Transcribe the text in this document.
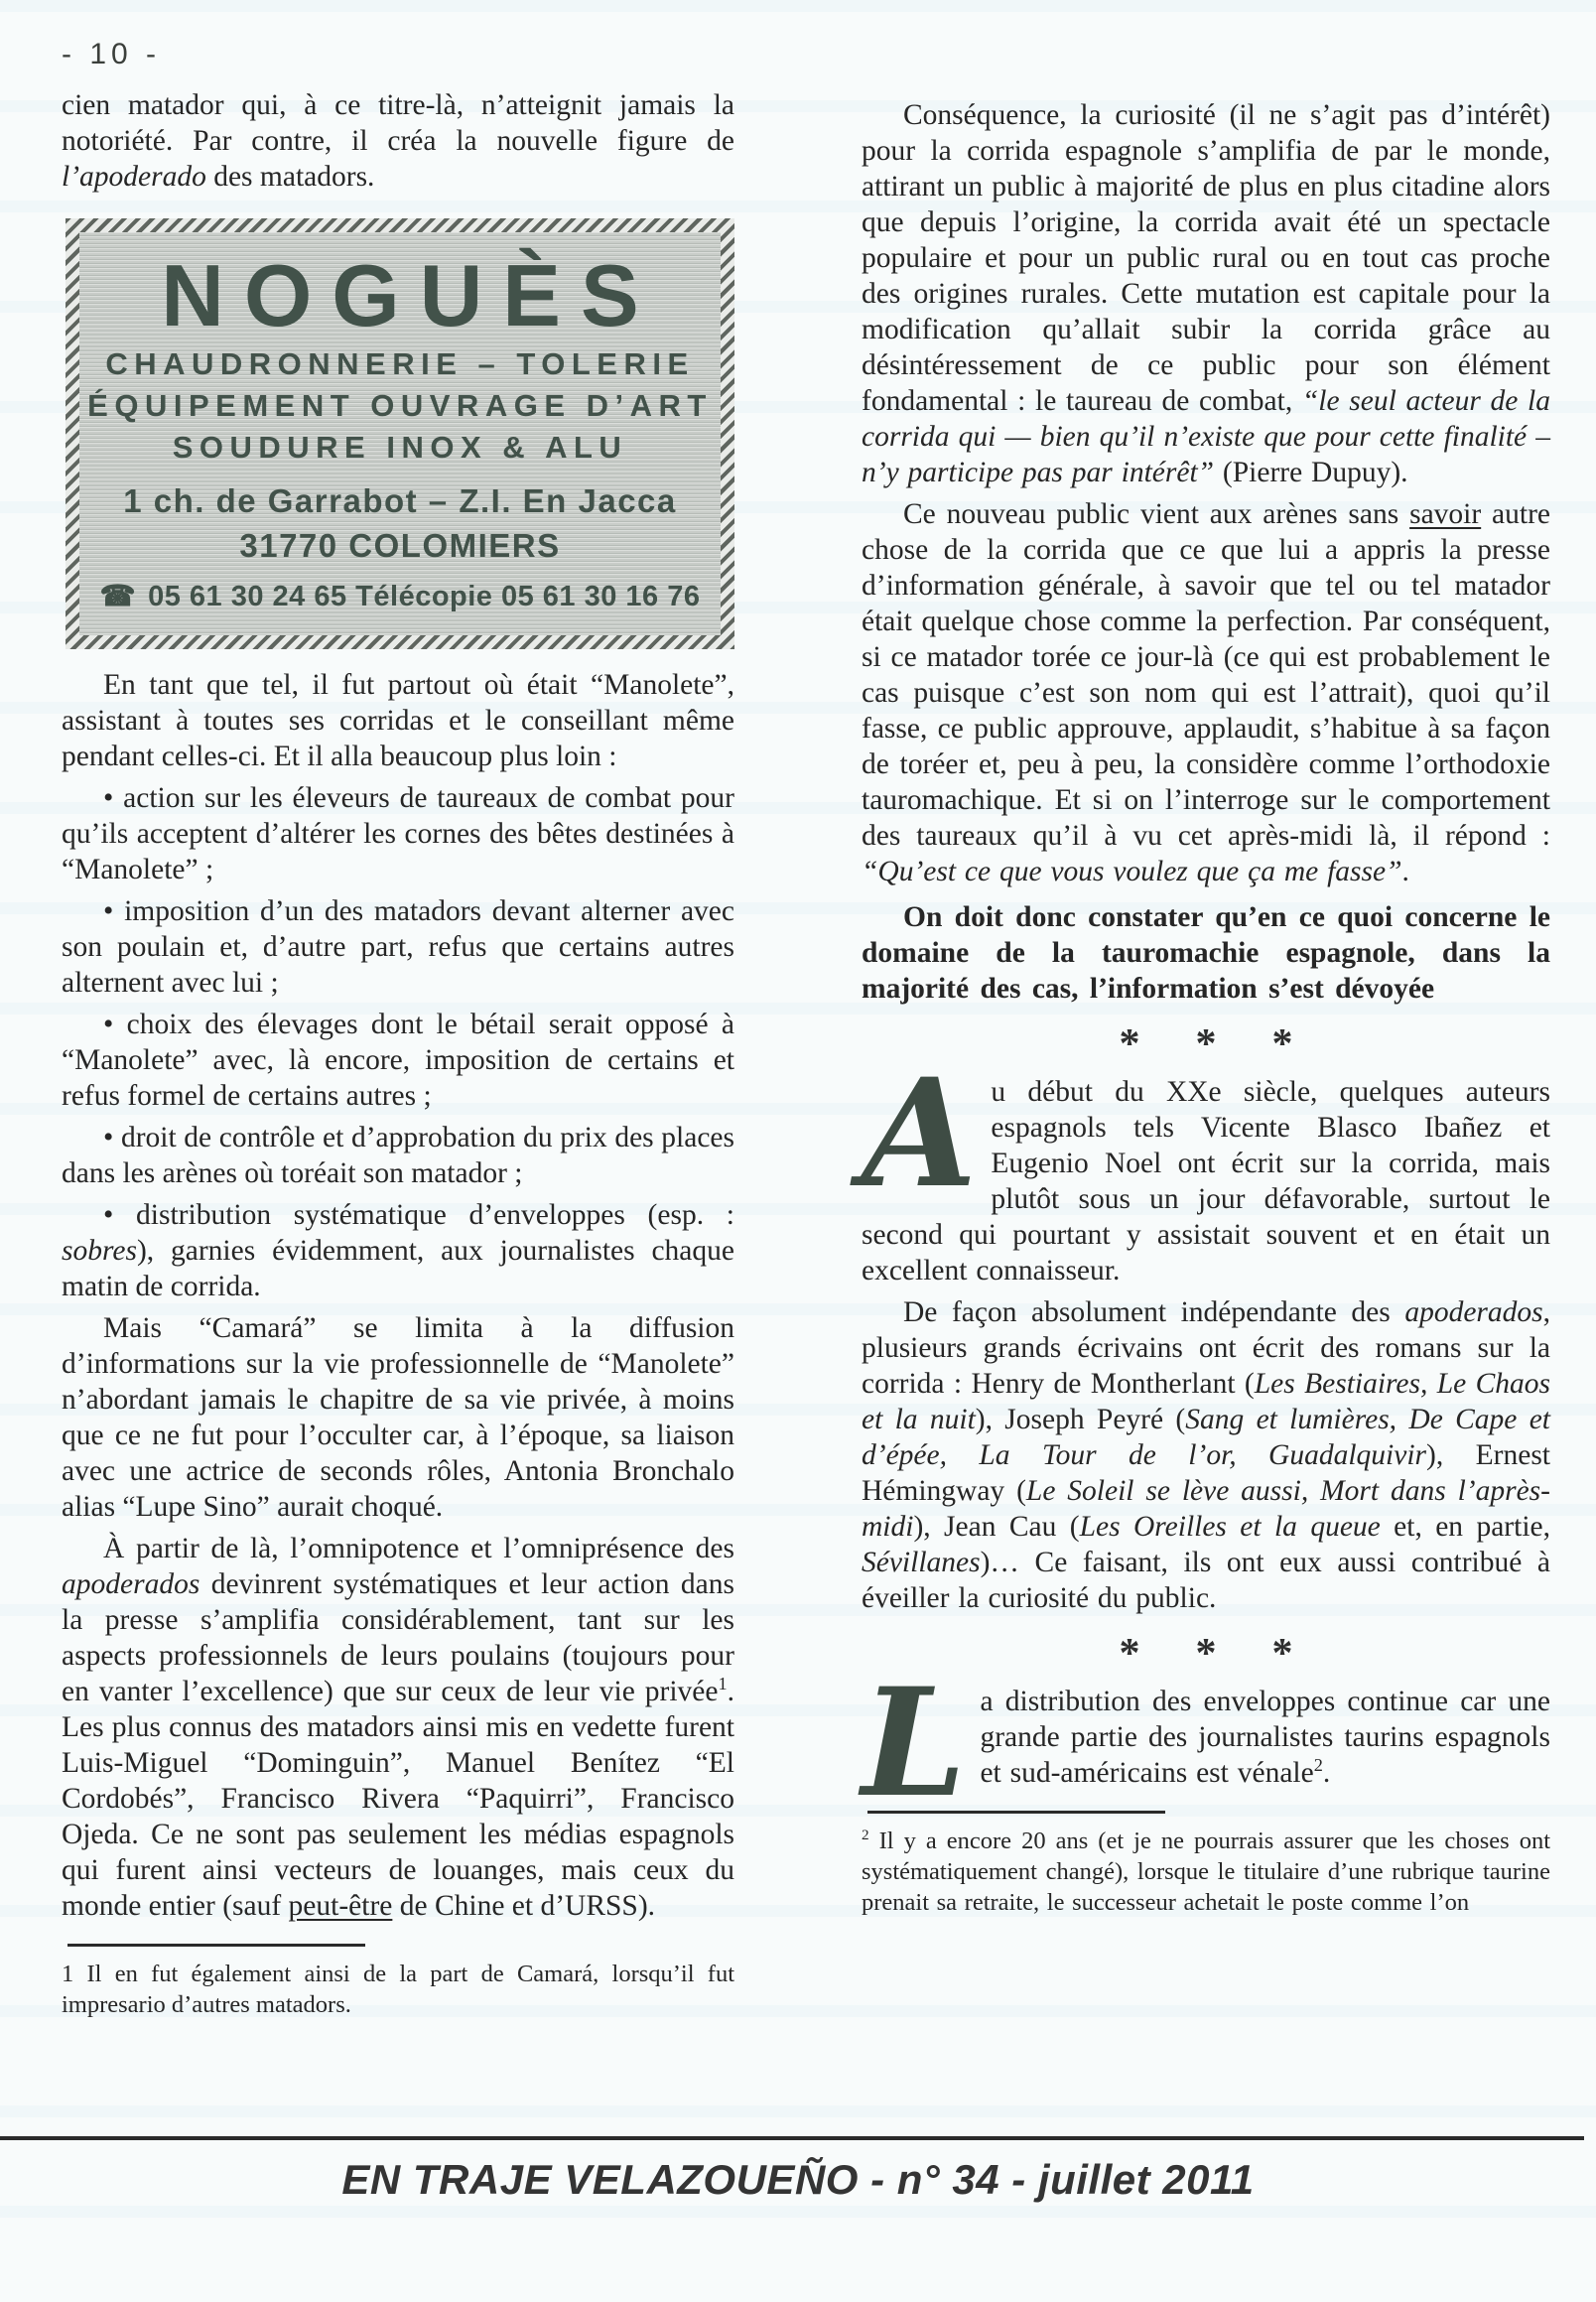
- 10 -

cien matador qui, à ce titre-là, n’atteignit jamais la notoriété. Par contre, il créa la nouvelle figure de l’apoderado des matadors.

NOGUÈS
CHAUDRONNERIE – TOLERIE
ÉQUIPEMENT OUVRAGE D’ART
SOUDURE INOX & ALU
1 ch. de Garrabot – Z.I. En Jacca
31770 COLOMIERS
☎ 05 61 30 24 65 Télécopie 05 61 30 16 76

En tant que tel, il fut partout où était “Manolete”, assistant à toutes ses corridas et le conseillant même pendant celles-ci. Et il alla beaucoup plus loin :

• action sur les éleveurs de taureaux de combat pour qu’ils acceptent d’altérer les cornes des bêtes destinées à “Manolete” ;

• imposition d’un des matadors devant alterner avec son poulain et, d’autre part, refus que certains autres alternent avec lui ;

• choix des élevages dont le bétail serait opposé à “Manolete” avec, là encore, imposition de certains et refus formel de certains autres ;

• droit de contrôle et d’approbation du prix des places dans les arènes où toréait son matador ;

• distribution systématique d’enveloppes (esp. : sobres), garnies évidemment, aux journalistes chaque matin de corrida.

Mais “Camará” se limita à la diffusion d’informations sur la vie professionnelle de “Manolete” n’abordant jamais le chapitre de sa vie privée, à moins que ce ne fut pour l’occulter car, à l’époque, sa liaison avec une actrice de seconds rôles, Antonia Bronchalo alias “Lupe Sino” aurait choqué.

À partir de là, l’omnipotence et l’omniprésence des apoderados devinrent systématiques et leur action dans la presse s’amplifia considérablement, tant sur les aspects professionnels de leurs poulains (toujours pour en vanter l’excellence) que sur ceux de leur vie privée$^1$. Les plus connus des matadors ainsi mis en vedette furent Luis-Miguel “Dominguin”, Manuel Benítez “El Cordobés”, Francisco Rivera “Paquirri”, Francisco Ojeda. Ce ne sont pas seulement les médias espagnols qui furent ainsi vecteurs de louanges, mais ceux du monde entier (sauf peut-être de Chine et d’URSS).

1 Il en fut également ainsi de la part de Camará, lorsqu’il fut impresario d’autres matadors.

Conséquence, la curiosité (il ne s’agit pas d’intérêt) pour la corrida espagnole s’amplifia de par le monde, attirant un public à majorité de plus en plus citadine alors que depuis l’origine, la corrida avait été un spectacle populaire et pour un public rural ou en tout cas proche des origines rurales. Cette mutation est capitale pour la modification qu’allait subir la corrida grâce au désintéressement de ce public pour son élément fondamental : le taureau de combat, “le seul acteur de la corrida qui — bien qu’il n’existe que pour cette finalité – n’y participe pas par intérêt” (Pierre Dupuy).

Ce nouveau public vient aux arènes sans savoir autre chose de la corrida que ce que lui a appris la presse d’information générale, à savoir que tel ou tel matador était quelque chose comme la perfection. Par conséquent, si ce matador torée ce jour-là (ce qui est probablement le cas puisque c’est son nom qui est l’attrait), quoi qu’il fasse, ce public approuve, applaudit, s’habitue à sa façon de toréer et, peu à peu, la considère comme l’orthodoxie tauromachique. Et si on l’interroge sur le comportement des taureaux qu’il à vu cet après-midi là, il répond : “Qu’est ce que vous voulez que ça me fasse”.

On doit donc constater qu’en ce quoi concerne le domaine de la tauromachie espagnole, dans la majorité des cas, l’information s’est dévoyée

* * *

Au début du XXe siècle, quelques auteurs espagnols tels Vicente Blasco Ibañez et Eugenio Noel ont écrit sur la corrida, mais plutôt sous un jour défavorable, surtout le second qui pourtant y assistait souvent et en était un excellent connaisseur.

De façon absolument indépendante des apoderados, plusieurs grands écrivains ont écrit des romans sur la corrida : Henry de Montherlant (Les Bestiaires, Le Chaos et la nuit), Joseph Peyré (Sang et lumières, De Cape et d’épée, La Tour de l’or, Guadalquivir), Ernest Hémingway (Le Soleil se lève aussi, Mort dans l’après-midi), Jean Cau (Les Oreilles et la queue et, en partie, Sévillanes)… Ce faisant, ils ont eux aussi contribué à éveiller la curiosité du public.

* * *

La distribution des enveloppes continue car une grande partie des journalistes taurins espagnols et sud-américains est vénale$^2$.

$^2$ Il y a encore 20 ans (et je ne pourrais assurer que les choses ont systématiquement changé), lorsque le titulaire d’une rubrique taurine prenait sa retraite, le successeur achetait le poste comme l’on

EN TRAJE VELAZOUEÑO - n° 34 - juillet 2011
